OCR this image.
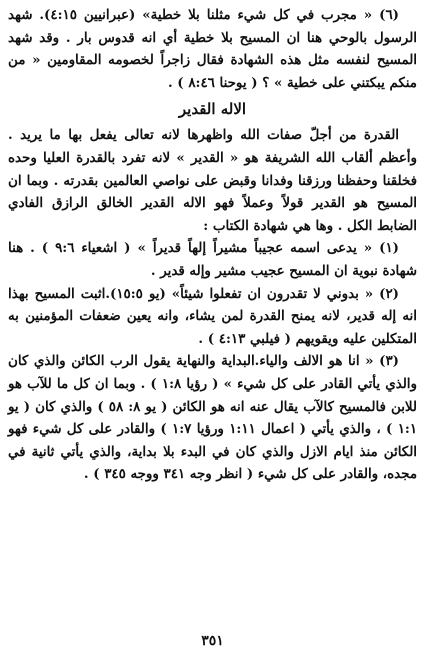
(٦) « مجرب في كل شيء مثلنا بلا خطية» (عبرانيين ٤:١٥). شهد الرسول بالوحي هنا ان المسيح بلا خطية أي انه قدوس بار . وقد شهد المسيح لنفسه مثل هذه الشهادة فقال زاجراً لخصومه المقاومين « من منكم يبكتني على خطية » ؟ ( يوحنا ٨:٤٦ ) .

الاله القدير

القدرة من أجلّ صفات الله واظهرها لانه تعالى يفعل بها ما يريد . وأعظم ألقاب الله الشريفة هو « القدير » لانه تفرد بالقدرة العليا وحده فخلقنا وحفظنا ورزقنا وفدانا وقبض على نواصي العالمين بقدرته . وبما ان المسيح هو القدير قولاً وعملاً فهو الاله القدير الخالق الرازق الفادي الضابط الكل . وها هي شهادة الكتاب :

(١) « يدعى اسمه عجيباً مشيراً إلهاً قديراً » ( اشعياء ٩:٦ ) . هنا شهادة نبوية ان المسيح عجيب مشير وإله قدير .

(٢) « بدوني لا تقدرون ان تفعلوا شيئاً» (يو ١٥:٥).اثبت المسيح بهذا انه إله قدير، لانه يمنح القدرة لمن يشاء، وانه يعين ضعفات المؤمنين به المتكلين عليه ويقويهم ( فيلبي ٤:١٣ ) .

(٣) « انا هو الالف والياء.البداية والنهاية يقول الرب الكائن والذي كان والذي يأتي القادر على كل شيء » ( رؤيا ١:٨ ) . وبما ان كل ما للآب هو للابن فالمسيح كالآب يقال عنه انه هو الكائن ( يو ٨: ٥٨ ) والذي كان ( يو ١:١ ) ، والذي يأتي ( اعمال ١:١١ ورؤيا ١:٧ ) والقادر على كل شيء فهو الكائن منذ ايام الازل والذي كان في البدء بلا بداية، والذي يأتي ثانية في مجده، والقادر على كل شيء ( انظر وجه ٣٤١ ووجه ٣٤٥ ) .

٣٥١
